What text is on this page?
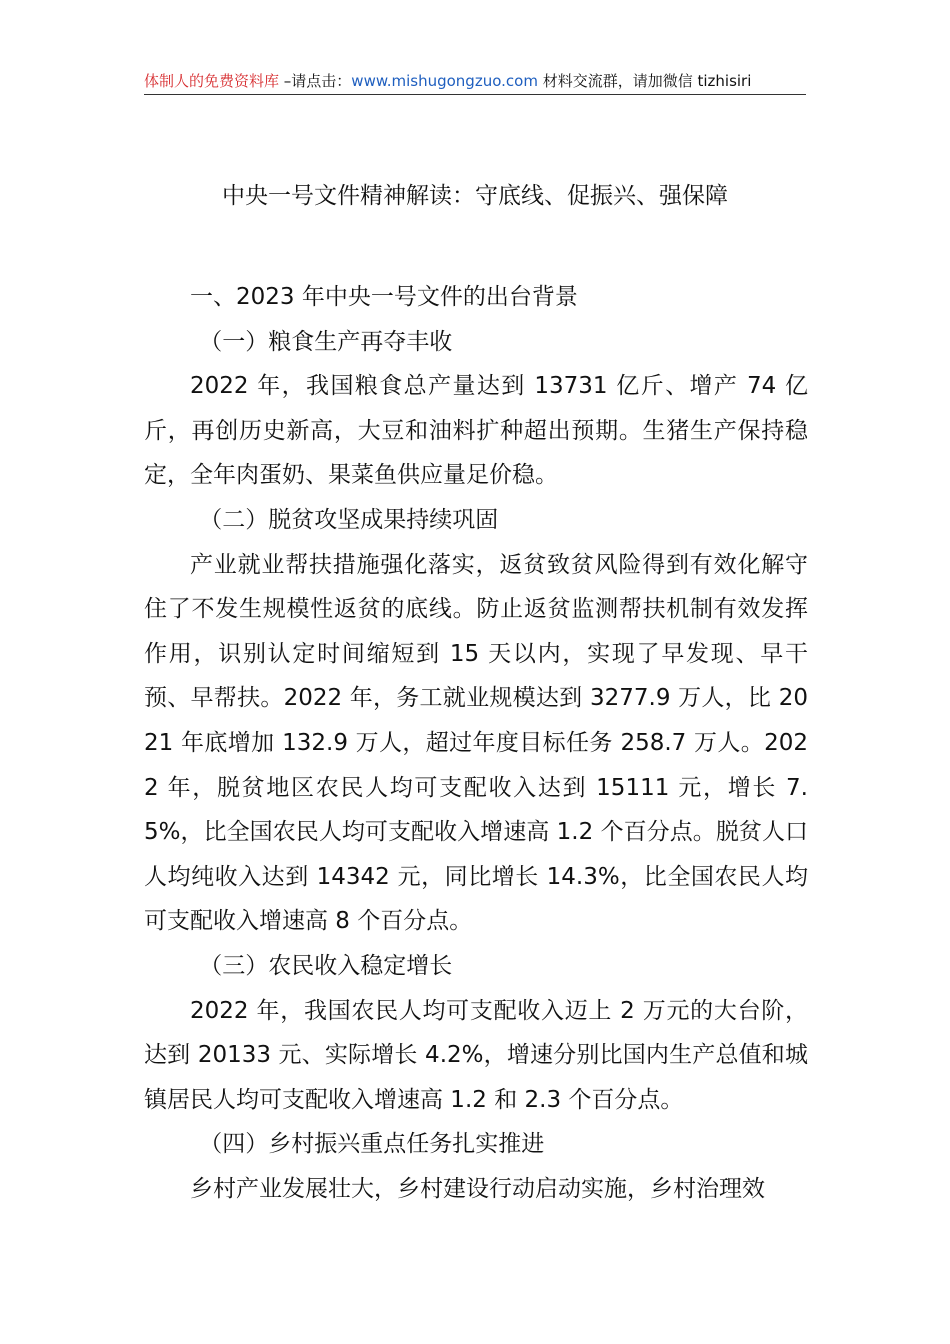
体制人的免费资料库 –请点击：www.mishugongzuo.com 材料交流群，请加微信 tizhisiri
中央一号文件精神解读：守底线、促振兴、强保障

一、2023 年中央一号文件的出台背景

（一）粮食生产再夺丰收

2022 年，我国粮食总产量达到 13731 亿斤、增产 74 亿斤，再创历史新高，大豆和油料扩种超出预期。生猪生产保持稳定，全年肉蛋奶、果菜鱼供应量足价稳。

（二）脱贫攻坚成果持续巩固

产业就业帮扶措施强化落实，返贫致贫风险得到有效化解守住了不发生规模性返贫的底线。防止返贫监测帮扶机制有效发挥作用，识别认定时间缩短到 15 天以内，实现了早发现、早干预、早帮扶。2022 年，务工就业规模达到 3277.9 万人，比 2021 年底增加 132.9 万人，超过年度目标任务 258.7 万人。2022 年，脱贫地区农民人均可支配收入达到 15111 元，增长 7.5%，比全国农民人均可支配收入增速高 1.2 个百分点。脱贫人口人均纯收入达到 14342 元，同比增长 14.3%，比全国农民人均可支配收入增速高 8 个百分点。

（三）农民收入稳定增长

2022 年，我国农民人均可支配收入迈上 2 万元的大台阶，达到 20133 元、实际增长 4.2%，增速分别比国内生产总值和城镇居民人均可支配收入增速高 1.2 和 2.3 个百分点。

（四）乡村振兴重点任务扎实推进

乡村产业发展壮大，乡村建设行动启动实施，乡村治理效
